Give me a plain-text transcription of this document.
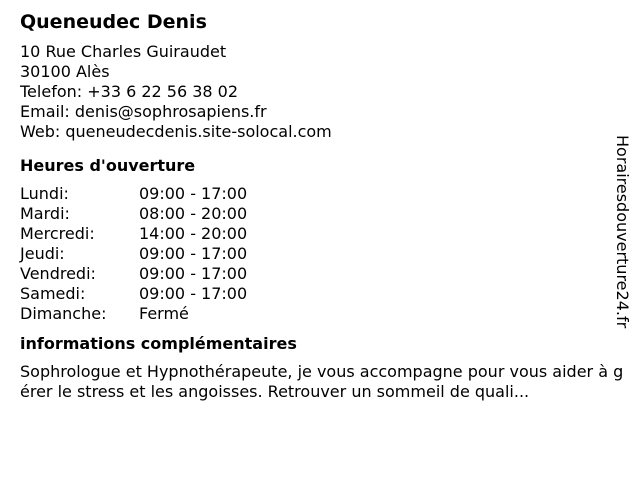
Queneudec Denis
10 Rue Charles Guiraudet
30100 Alès
Telefon: +33 6 22 56 38 02
Email: denis@sophrosapiens.fr
Web: queneudecdenis.site-solocal.com
Heures d'ouverture
Lundi:	09:00 - 17:00
Mardi:	08:00 - 20:00
Mercredi:	14:00 - 20:00
Jeudi:	09:00 - 17:00
Vendredi:	09:00 - 17:00
Samedi:	09:00 - 17:00
Dimanche:	Fermé
informations complémentaires
Sophrologue et Hypnothérapeute, je vous accompagne pour vous aider à gérer le stress et les angoisses. Retrouver un sommeil de quali...
Horairesdouverture24.fr
